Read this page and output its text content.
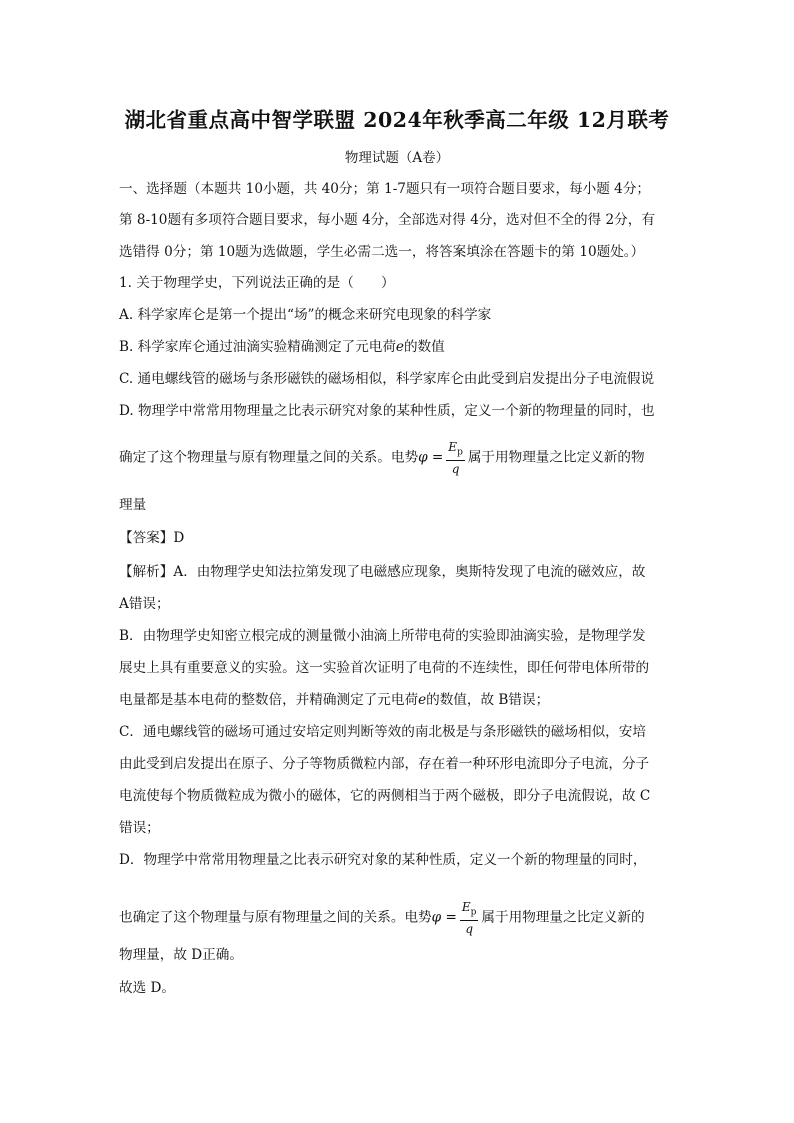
湖北省重点高中智学联盟 2024年秋季高二年级 12月联考
物理试题（A卷）
一、选择题（本题共 10小题，共 40分；第 1-7题只有一项符合题目要求，每小题 4分；
第 8-10题有多项符合题目要求，每小题 4分，全部选对得 4分，选对但不全的得 2分，有
选错得 0分；第 10题为选做题，学生必需二选一，将答案填涂在答题卡的第 10题处。）
1. 关于物理学史，下列说法正确的是（　　）
A. 科学家库仑是第一个提出“场”的概念来研究电现象的科学家
B. 科学家库仑通过油滴实验精确测定了元电荷e的数值
C. 通电螺线管的磁场与条形磁铁的磁场相似，科学家库仑由此受到启发提出分子电流假说
D. 物理学中常常用物理量之比表示研究对象的某种性质，定义一个新的物理量的同时，也
确定了这个物理量与原有物理量之间的关系。电势$\varphi = \frac{E_p}{q}$ 属于用物理量之比定义新的物
理量
【答案】D
【解析】A．由物理学史知法拉第发现了电磁感应现象，奥斯特发现了电流的磁效应，故
A错误；
B．由物理学史知密立根完成的测量微小油滴上所带电荷的实验即油滴实验，是物理学发
展史上具有重要意义的实验。这一实验首次证明了电荷的不连续性，即任何带电体所带的
电量都是基本电荷的整数倍，并精确测定了元电荷e的数值，故 B错误；
C．通电螺线管的磁场可通过安培定则判断等效的南北极是与条形磁铁的磁场相似，安培
由此受到启发提出在原子、分子等物质微粒内部，存在着一种环形电流即分子电流，分子
电流使每个物质微粒成为微小的磁体，它的两侧相当于两个磁极，即分子电流假说，故 C
错误；
D．物理学中常常用物理量之比表示研究对象的某种性质，定义一个新的物理量的同时，
也确定了这个物理量与原有物理量之间的关系。电势$\varphi = \frac{E_p}{q}$ 属于用物理量之比定义新的
物理量，故 D正确。
故选 D。
